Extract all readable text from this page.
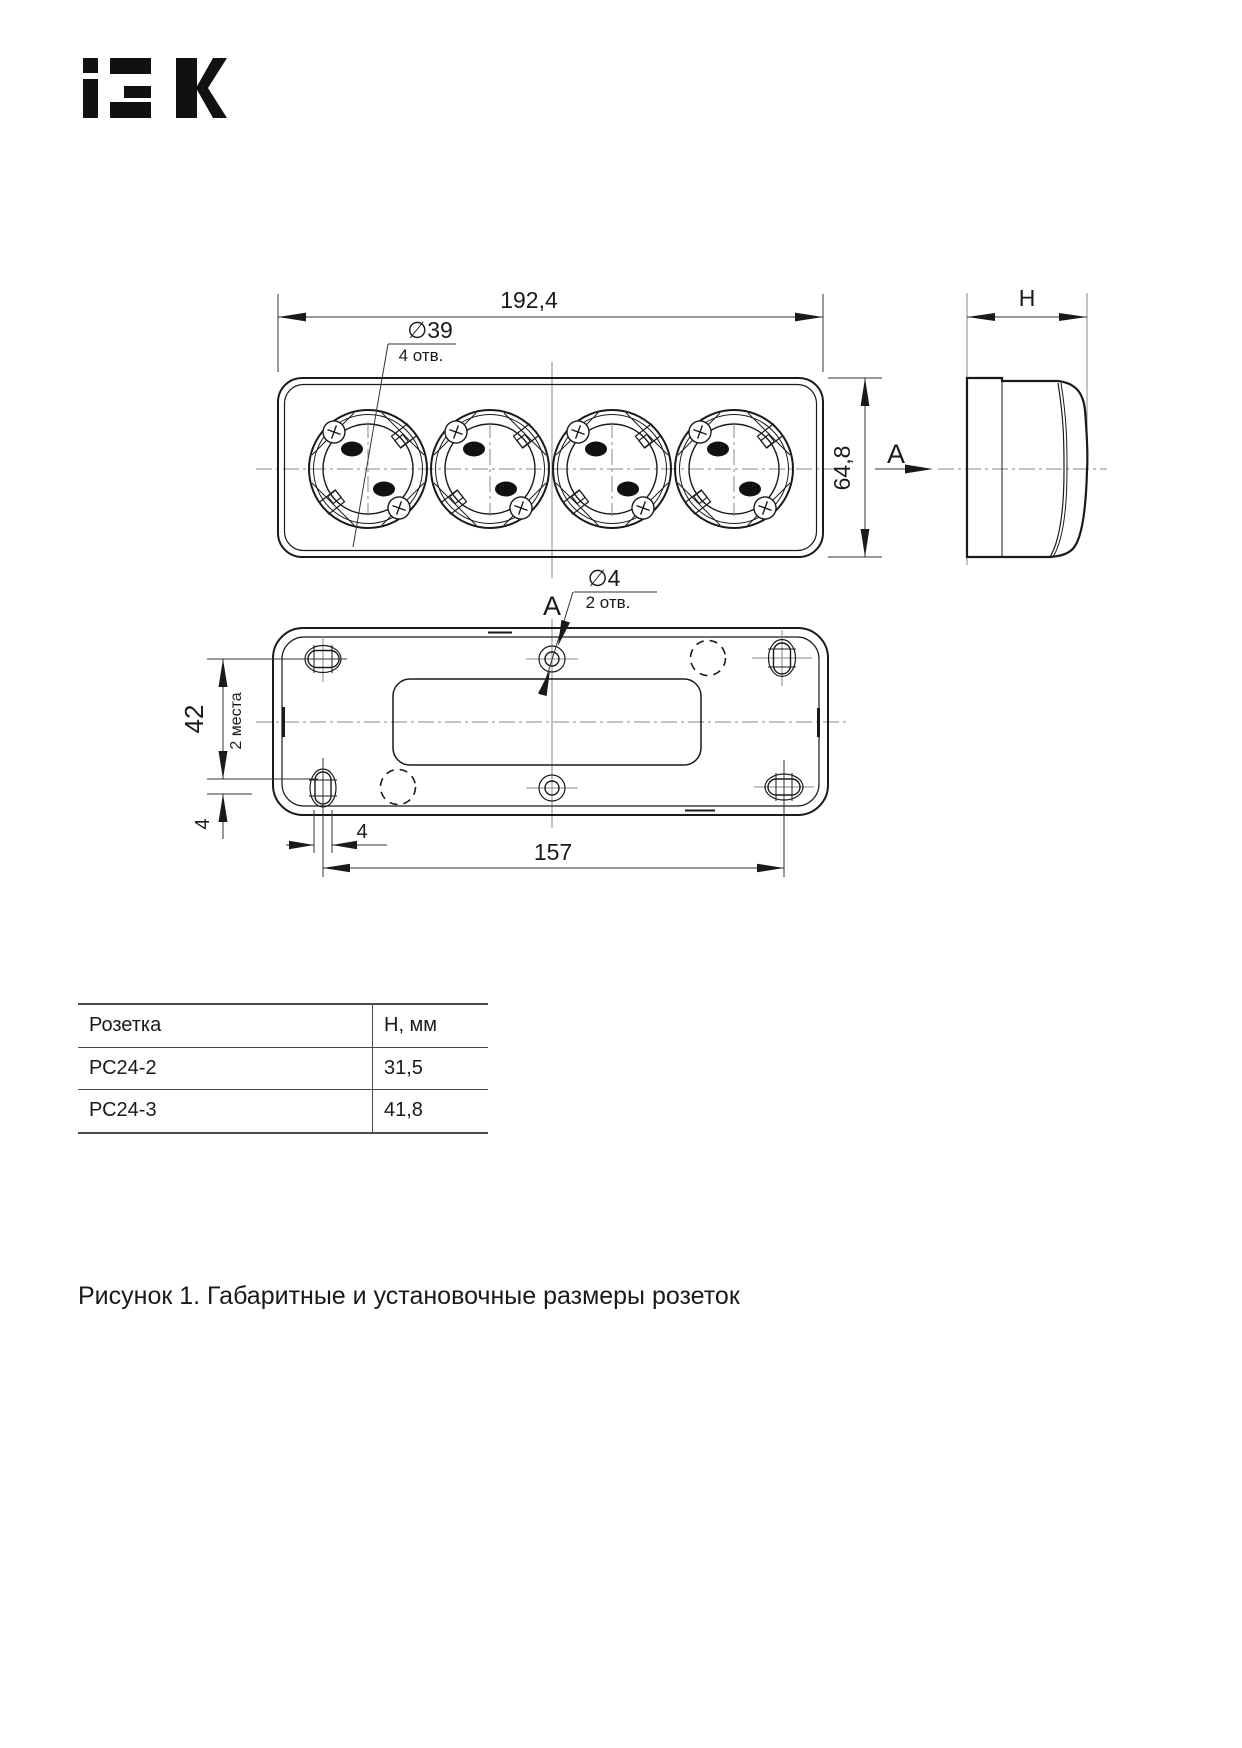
192,4
64,8
∅39
4 отв.
А
H
А
∅4
2 отв.
42 2 места
4	4
157
Розетка	Н, мм
РС24-2	31,5
РС24-3	41,8
Рисунок 1. Габаритные и установочные размеры розеток
